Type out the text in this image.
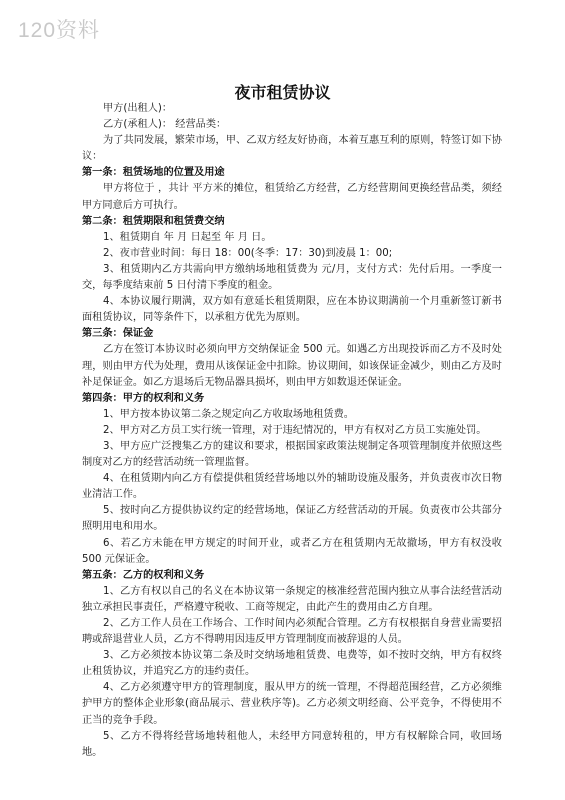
120资料
夜市租赁协议

甲方(出租人)：

乙方(承租人)： 经营品类：

为了共同发展，繁荣市场，甲、乙双方经友好协商，本着互惠互利的原则，特签订如下协议：

第一条：租赁场地的位置及用途

甲方将位于 ，共计 平方米的摊位，租赁给乙方经营，乙方经营期间更换经营品类，须经甲方同意后方可执行。

第二条：租赁期限和租赁费交纳

1、租赁期自 年 月 日起至 年 月 日。

2、夜市营业时间：每日 18：00(冬季：17：30)到凌晨 1：00;

3、租赁期内乙方共需向甲方缴纳场地租赁费为 元/月，支付方式：先付后用。一季度一交，每季度结束前 5 日付清下季度的租金。

4、本协议履行期满，双方如有意延长租赁期限，应在本协议期满前一个月重新签订新书面租赁协议，同等条件下，以承租方优先为原则。

第三条：保证金

乙方在签订本协议时必须向甲方交纳保证金 500 元。如遇乙方出现投诉而乙方不及时处理，则由甲方代为处理，费用从该保证金中扣除。协议期间，如该保证金减少，则由乙方及时补足保证金。如乙方退场后无物品器具损坏，则由甲方如数退还保证金。

第四条：甲方的权利和义务

1、甲方按本协议第二条之规定向乙方收取场地租赁费。

2、甲方对乙方员工实行统一管理，对于违纪情况的，甲方有权对乙方员工实施处罚。

3、甲方应广泛搜集乙方的建议和要求，根据国家政策法规制定各项管理制度并依照这些制度对乙方的经营活动统一管理监督。

4、在租赁期内向乙方有偿提供租赁经营场地以外的辅助设施及服务，并负责夜市次日物业清洁工作。

5、按时向乙方提供协议约定的经营场地，保证乙方经营活动的开展。负责夜市公共部分照明用电和用水。

6、若乙方未能在甲方规定的时间开业，或者乙方在租赁期内无故撤场，甲方有权没收 500 元保证金。

第五条：乙方的权利和义务

1、乙方有权以自己的名义在本协议第一条规定的核准经营范围内独立从事合法经营活动独立承担民事责任，严格遵守税收、工商等规定，由此产生的费用由乙方自理。

2、乙方工作人员在工作场合、工作时间内必须配合管理。乙方有权根据自身营业需要招聘或辞退营业人员，乙方不得聘用因违反甲方管理制度而被辞退的人员。

3、乙方必须按本协议第二条及时交纳场地租赁费、电费等，如不按时交纳，甲方有权终止租赁协议，并追究乙方的违约责任。

4、乙方必须遵守甲方的管理制度，服从甲方的统一管理，不得超范围经营，乙方必须维护甲方的整体企业形象(商品展示、营业秩序等)。乙方必须文明经商、公平竞争，不得使用不正当的竞争手段。

5、乙方不得将经营场地转租他人，未经甲方同意转租的，甲方有权解除合同，收回场地。
